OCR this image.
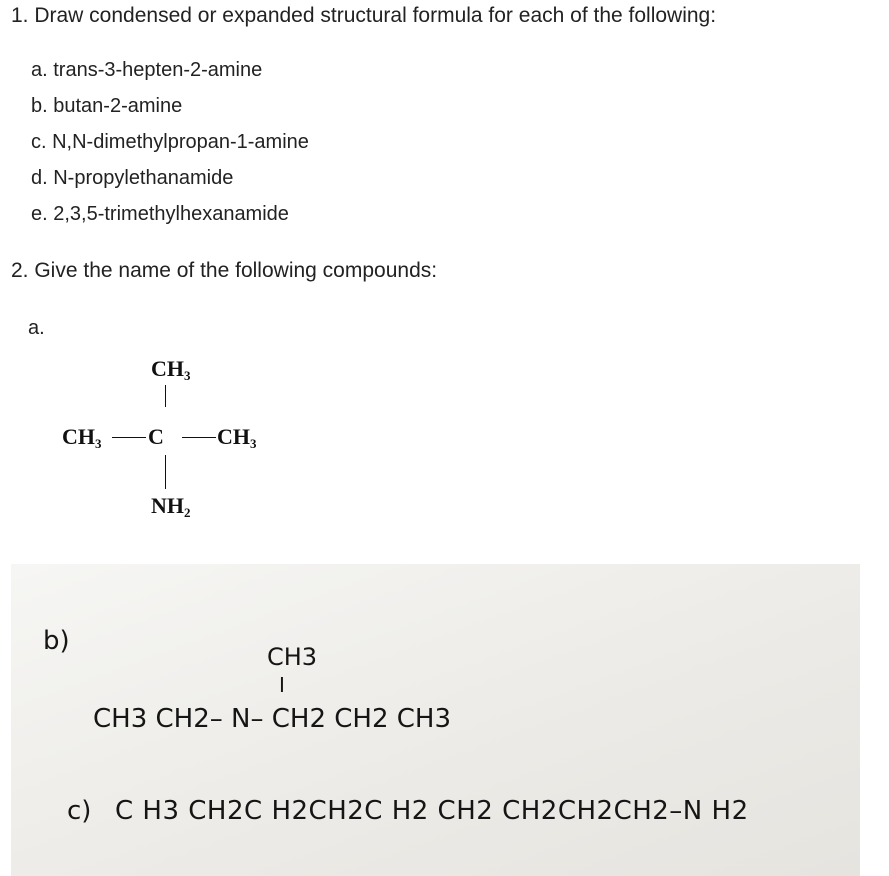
1. Draw condensed or expanded structural formula for each of the following:
a. trans-3-hepten-2-amine
b. butan-2-amine
c. N,N-dimethylpropan-1-amine
d. N-propylethanamide
e. 2,3,5-trimethylhexanamide
2. Give the name of the following compounds:
a.
$CH_3$
$CH_3$ C $CH_3$
$NH_2$
b)
CH3
I
CH3 CH2– N– CH2 CH2 CH3
c) C H3 CH2C H2CH2C H2 CH2 CH2CH2CH2–N H2
